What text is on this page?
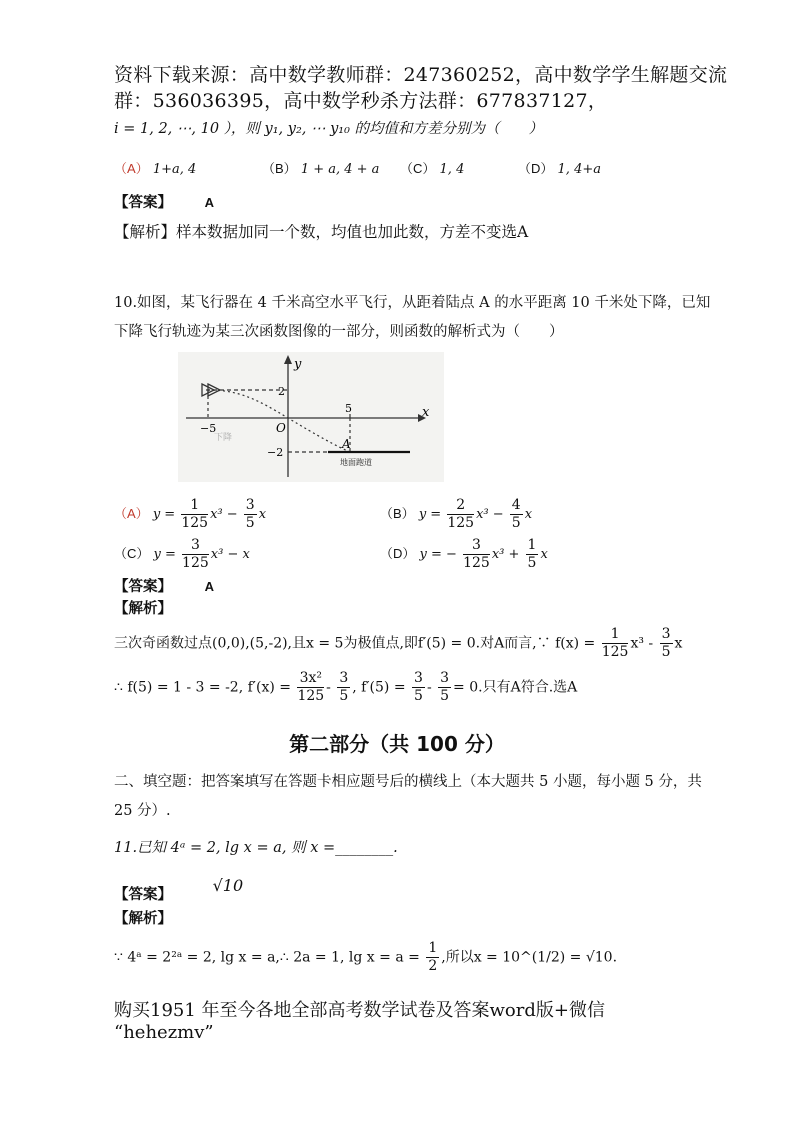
资料下载来源：高中数学教师群：247360252，高中数学学生解题交流
群：536036395，高中数学秒杀方法群：677837127，
i = 1, 2, ⋯, 10 ），则 y₁, y₂, ⋯ y₁₀ 的均值和方差分别为（　　）
（A） 1+a, 4	（B） 1 + a, 4 + a （C） 1, 4	（D） 1, 4+a
【答案】	A
【解析】样本数据加同一个数，均值也加此数，方差不变选A
10.如图，某飞行器在 4 千米高空水平飞行，从距着陆点 A 的水平距离 10 千米处下降，已知
下降飞行轨迹为某三次函数图像的一部分，则函数的解析式为（　　）
y
x
O
2
−2
5
−5
A
地面跑道
下降
（A） $y = \frac{1}{125} x^3 - \frac{3}{5}$ x	（B） $y = \frac{2}{125} x^3 - \frac{4}{5}$ x
（C） $y = \frac{3}{125} x^3 - x$	（D） y = − $\frac{3}{125} x^3 + \frac{1}{5}$ x
【答案】	A
【解析】
三次奇函数过点(0,0),(5,-2),且x = 5为极值点,即f′(5) = 0.对A而言,∵ $f(x) = \frac{1}{125} x^3 - \frac{3}{5}$ x
∴ f(5) = 1 - 3 = -2, $f'(x) = \frac{\text{3x²}}{125} - \frac{3}{5}$ , $f'(5) = \frac{3}{5} - \frac{3}{5} = 0$.只有A符合.选A
第二部分（共 100 分）
二、填空题：把答案填写在答题卡相应题号后的横线上（本大题共 5 小题，每小题 5 分，共
25 分）.
11.已知 4ᵃ = 2, lg x = a, 则 x =________.
【答案】	√10
【解析】
∵ 4ᵃ = 2²ᵃ = 2, lg x = a,∴ 2a = 1, $\lg x = a = \frac{1}{2}$ ,所以x = 10^(1/2) = √10.
购买1951 年至今各地全部高考数学试卷及答案word版+微信
“hehezmv”
